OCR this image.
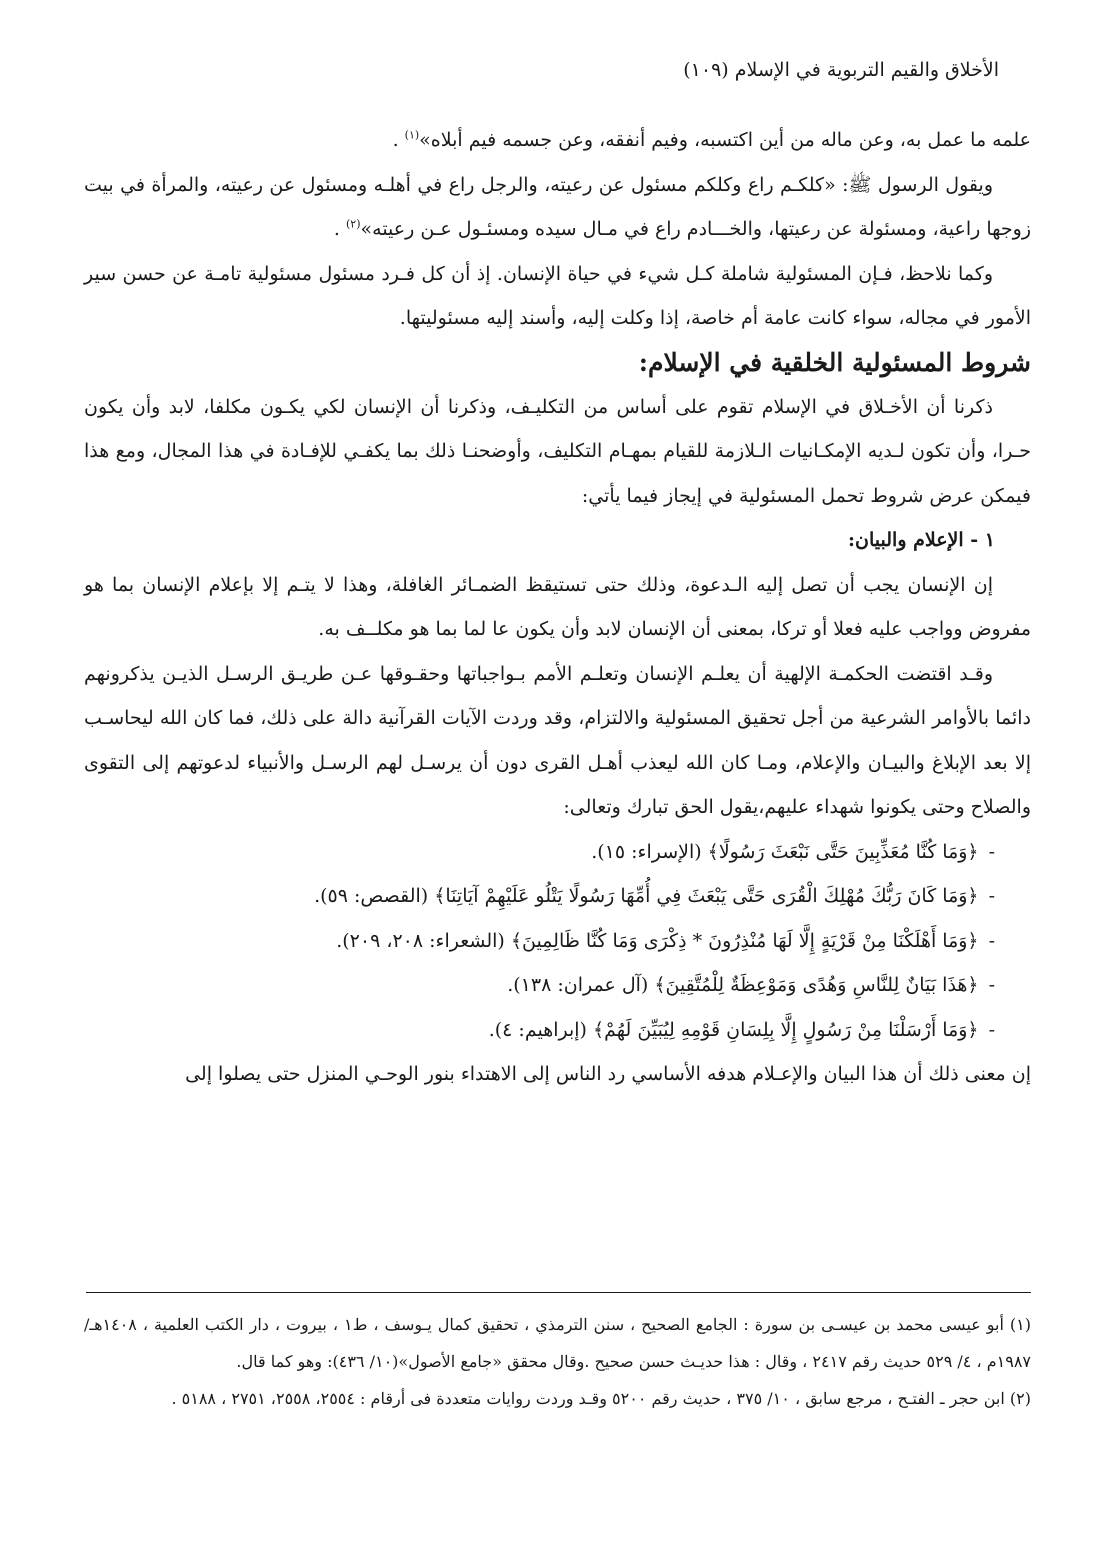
الأخلاق والقيم التربوية في الإسلام (١٠٩)

علمه ما عمل به، وعن ماله من أين اكتسبه، وفيم أنفقه، وعن جسمه فيم أبلاه»$^{(١)}$ .

ويقول الرسول ﷺ: «كلكـم راع وكلكم مسئول عن رعيته، والرجل راع في أهلـه ومسئول عن رعيته، والمرأة في بيت زوجها راعية، ومسئولة عن رعيتها، والخـــادم راع في مـال سيده ومسئـول عـن رعيته»$^{(٢)}$ .

وكما نلاحظ، فـإن المسئولية شاملة كـل شيء في حياة الإنسان. إذ أن كل فـرد مسئول مسئولية تامـة عن حسن سير الأمور في مجاله، سواء كانت عامة أم خاصة، إذا وكلت إليه، وأسند إليه مسئوليتها.

شروط المسئولية الخلقية في الإسلام:

ذكرنا أن الأخـلاق في الإسلام تقوم على أساس من التكليـف، وذكرنا أن الإنسان لكي يكـون مكلفا، لابد وأن يكون حـرا، وأن تكون لـديه الإمكـانيات الـلازمة للقيام بمهـام التكليف، وأوضحنـا ذلك بما يكفـي للإفـادة في هذا المجال، ومع هذا فيمكن عرض شروط تحمل المسئولية في إيجاز فيما يأتي:

١ - الإعلام والبيان:

إن الإنسان يجب أن تصل إليه الـدعوة، وذلك حتى تستيقظ الضمـائر الغافلة، وهذا لا يتـم إلا بإعلام الإنسان بما هو مفروض وواجب عليه فعلا أو تركا، بمعنى أن الإنسان لابد وأن يكون عا لما بما هو مكلــف به.

وقـد اقتضت الحكمـة الإلهية أن يعلـم الإنسان وتعلـم الأمم بـواجباتها وحقـوقها عـن طريـق الرسـل الذيـن يذكرونهم دائما بالأوامر الشرعية من أجل تحقيق المسئولية والالتزام، وقد وردت الآيات القرآنية دالة على ذلك، فما كان الله ليحاسـب إلا بعد الإبلاغ والبيـان والإعلام، ومـا كان الله ليعذب أهـل القرى دون أن يرسـل لهم الرسـل والأنبياء لدعوتهم إلى التقوى والصلاح وحتى يكونوا شهداء عليهم،يقول الحق تبارك وتعالى:

-﴿وَمَا كُنَّا مُعَذِّبِينَ حَتَّى نَبْعَثَ رَسُولًا﴾ (الإسراء: ١٥).
-﴿وَمَا كَانَ رَبُّكَ مُهْلِكَ الْقُرَى حَتَّى يَبْعَثَ فِي أُمِّهَا رَسُولًا يَتْلُو عَلَيْهِمْ آيَاتِنَا﴾ (القصص: ٥٩).
-﴿وَمَا أَهْلَكْنَا مِنْ قَرْيَةٍ إِلَّا لَهَا مُنْذِرُونَ * ذِكْرَى وَمَا كُنَّا ظَالِمِينَ﴾ (الشعراء: ٢٠٨، ٢٠٩).
-﴿هَذَا بَيَانٌ لِلنَّاسِ وَهُدًى وَمَوْعِظَةٌ لِلْمُتَّقِينَ﴾ (آل عمران: ١٣٨).
-﴿وَمَا أَرْسَلْنَا مِنْ رَسُولٍ إِلَّا بِلِسَانِ قَوْمِهِ لِيُبَيِّنَ لَهُمْ﴾ (إبراهيم: ٤).

إن معنى ذلك أن هذا البيان والإعـلام هدفه الأساسي رد الناس إلى الاهتداء بنور الوحـي المنزل حتى يصلوا إلى

(١) أبو عيسى محمد بن عيسـى بن سورة : الجامع الصحيح ، سنن الترمذي ، تحقيق كمال يـوسف ، ط١ ، بيروت ، دار الكتب العلمية ، ١٤٠٨هـ/ ١٩٨٧م ، ٤/ ٥٢٩ حديث رقم ٢٤١٧ ، وقال : هذا حديـث حسن صحيح .وقال محقق «جامع الأصول»(١٠/ ٤٣٦): وهو كما قال.

(٢) ابن حجر ـ الفتـح ، مرجع سابق ، ١٠/ ٣٧٥ ، حديث رقم ٥٢٠٠ وقـد وردت روايات متعددة فى أرقام : ٢٥٥٤، ٢٥٥٨، ٢٧٥١ ، ٥١٨٨ .
